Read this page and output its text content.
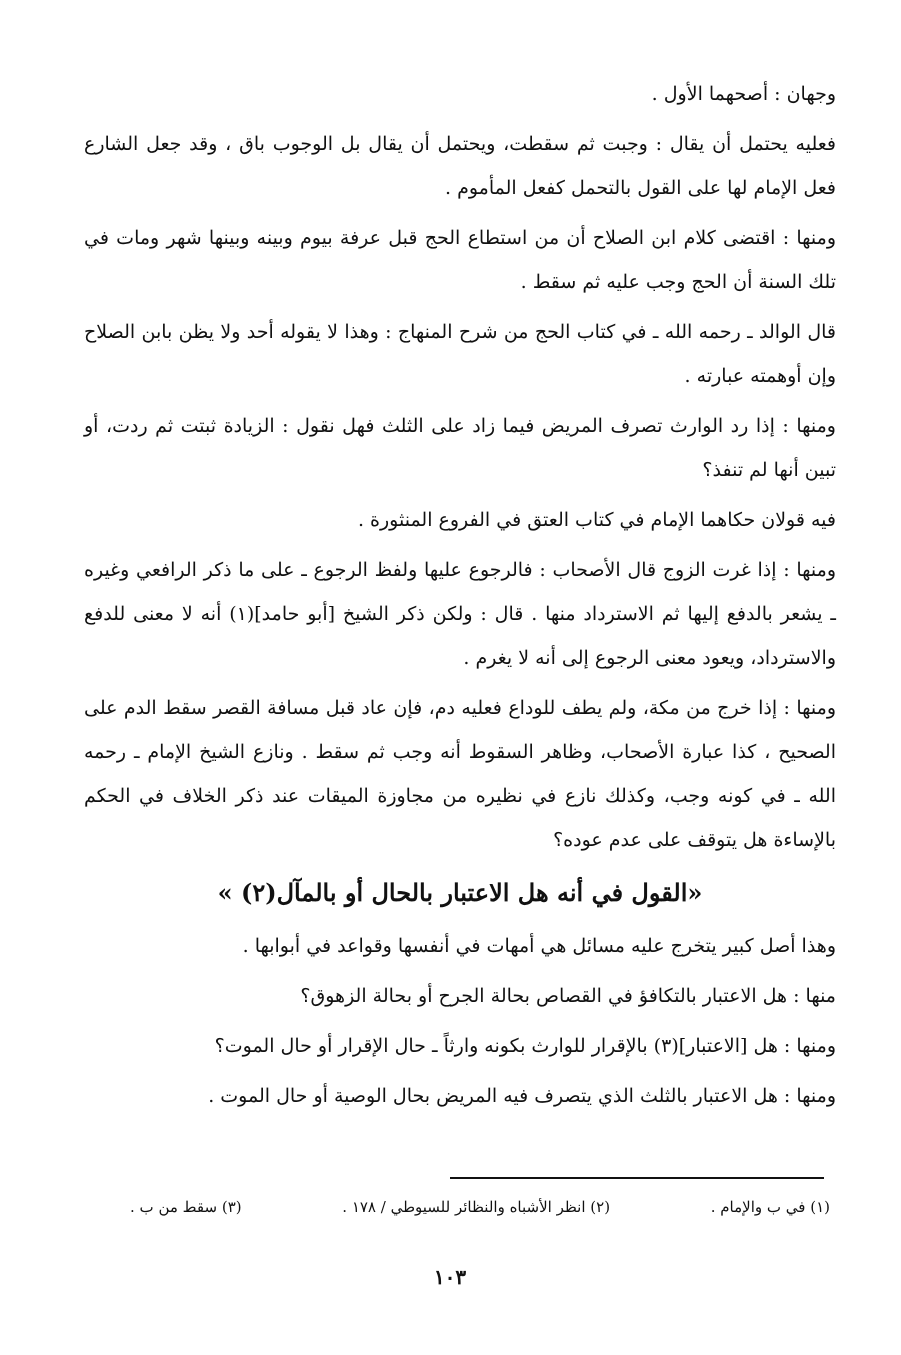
وجهان : أصحهما الأول .

فعليه يحتمل أن يقال : وجبت ثم سقطت، ويحتمل أن يقال بل الوجوب باق ، وقد جعل الشارع فعل الإمام لها على القول بالتحمل كفعل المأموم .

ومنها : اقتضى كلام ابن الصلاح أن من استطاع الحج قبل عرفة بيوم وبينه وبينها شهر ومات في تلك السنة أن الحج وجب عليه ثم سقط .

قال الوالد ـ رحمه الله ـ في كتاب الحج من شرح المنهاج : وهذا لا يقوله أحد ولا يظن بابن الصلاح وإن أوهمته عبارته .

ومنها : إذا رد الوارث تصرف المريض فيما زاد على الثلث فهل نقول : الزيادة ثبتت ثم ردت، أو تبين أنها لم تنفذ؟

فيه قولان حكاهما الإمام في كتاب العتق في الفروع المنثورة .

ومنها : إذا غرت الزوج قال الأصحاب : فالرجوع عليها ولفظ الرجوع ـ على ما ذكر الرافعي وغيره ـ يشعر بالدفع إليها ثم الاسترداد منها . قال : ولكن ذكر الشيخ [أبو حامد](١) أنه لا معنى للدفع والاسترداد، ويعود معنى الرجوع إلى أنه لا يغرم .

ومنها : إذا خرج من مكة، ولم يطف للوداع فعليه دم، فإن عاد قبل مسافة القصر سقط الدم على الصحيح ، كذا عبارة الأصحاب، وظاهر السقوط أنه وجب ثم سقط . ونازع الشيخ الإمام ـ رحمه الله ـ في كونه وجب، وكذلك نازع في نظيره من مجاوزة الميقات عند ذكر الخلاف في الحكم بالإساءة هل يتوقف على عدم عوده؟

«القول في أنه هل الاعتبار بالحال أو بالمآل(٢) »

وهذا أصل كبير يتخرج عليه مسائل هي أمهات في أنفسها وقواعد في أبوابها .

منها : هل الاعتبار بالتكافؤ في القصاص بحالة الجرح أو بحالة الزهوق؟

ومنها : هل [الاعتبار](٣) بالإقرار للوارث بكونه وارثاً ـ حال الإقرار أو حال الموت؟

ومنها : هل الاعتبار بالثلث الذي يتصرف فيه المريض بحال الوصية أو حال الموت .

(١) في ب والإمام .
(٢) انظر الأشباه والنظائر للسيوطي / ١٧٨ .
(٣) سقط من ب .
١٠٣
